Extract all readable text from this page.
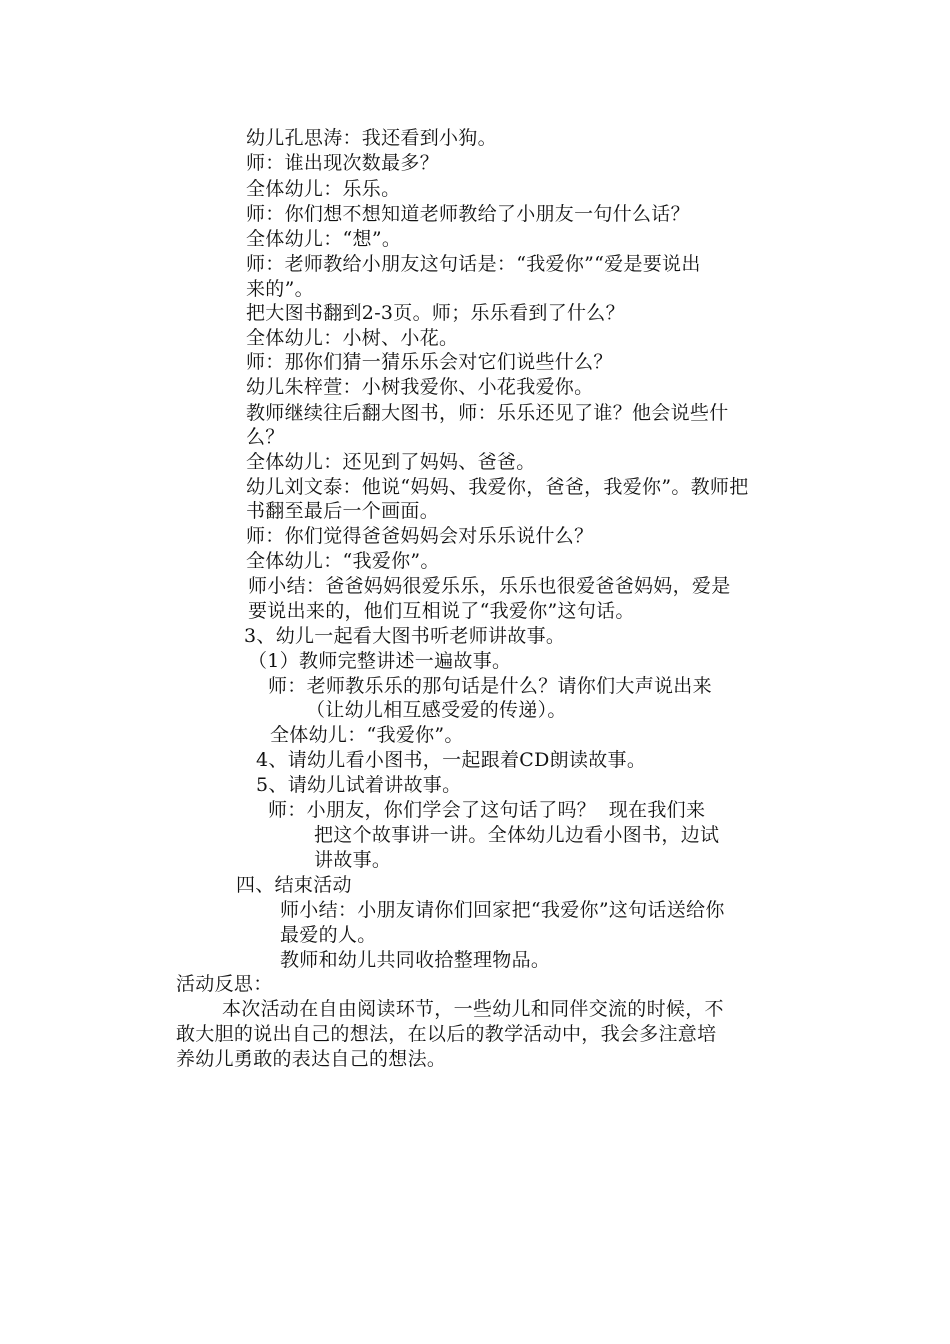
幼儿孔思涛：我还看到小狗。
师：谁出现次数最多？
全体幼儿：乐乐。
师：你们想不想知道老师教给了小朋友一句什么话？
全体幼儿：“想”。
师：老师教给小朋友这句话是：“我爱你”“爱是要说出
来的”。
把大图书翻到2-3页。师；乐乐看到了什么？
全体幼儿：小树、小花。
师：那你们猜一猜乐乐会对它们说些什么？
幼儿朱梓萱：小树我爱你、小花我爱你。
教师继续往后翻大图书，师：乐乐还见了谁？他会说些什
么？
全体幼儿：还见到了妈妈、爸爸。
幼儿刘文泰：他说“妈妈、我爱你，爸爸，我爱你”。教师把
书翻至最后一个画面。
师：你们觉得爸爸妈妈会对乐乐说什么？
全体幼儿：“我爱你”。
师小结：爸爸妈妈很爱乐乐，乐乐也很爱爸爸妈妈，爱是
要说出来的，他们互相说了“我爱你”这句话。
3、幼儿一起看大图书听老师讲故事。
（1）教师完整讲述一遍故事。
师：老师教乐乐的那句话是什么？请你们大声说出来
（让幼儿相互感受爱的传递）。
全体幼儿：“我爱你”。
4、请幼儿看小图书，一起跟着CD朗读故事。
5、请幼儿试着讲故事。
师：小朋友，你们学会了这句话了吗？  现在我们来
把这个故事讲一讲。全体幼儿边看小图书，边试
讲故事。
四、结束活动
师小结：小朋友请你们回家把“我爱你”这句话送给你
最爱的人。
教师和幼儿共同收拾整理物品。
活动反思：
本次活动在自由阅读环节，一些幼儿和同伴交流的时候，不
敢大胆的说出自己的想法，在以后的教学活动中，我会多注意培
养幼儿勇敢的表达自己的想法。
